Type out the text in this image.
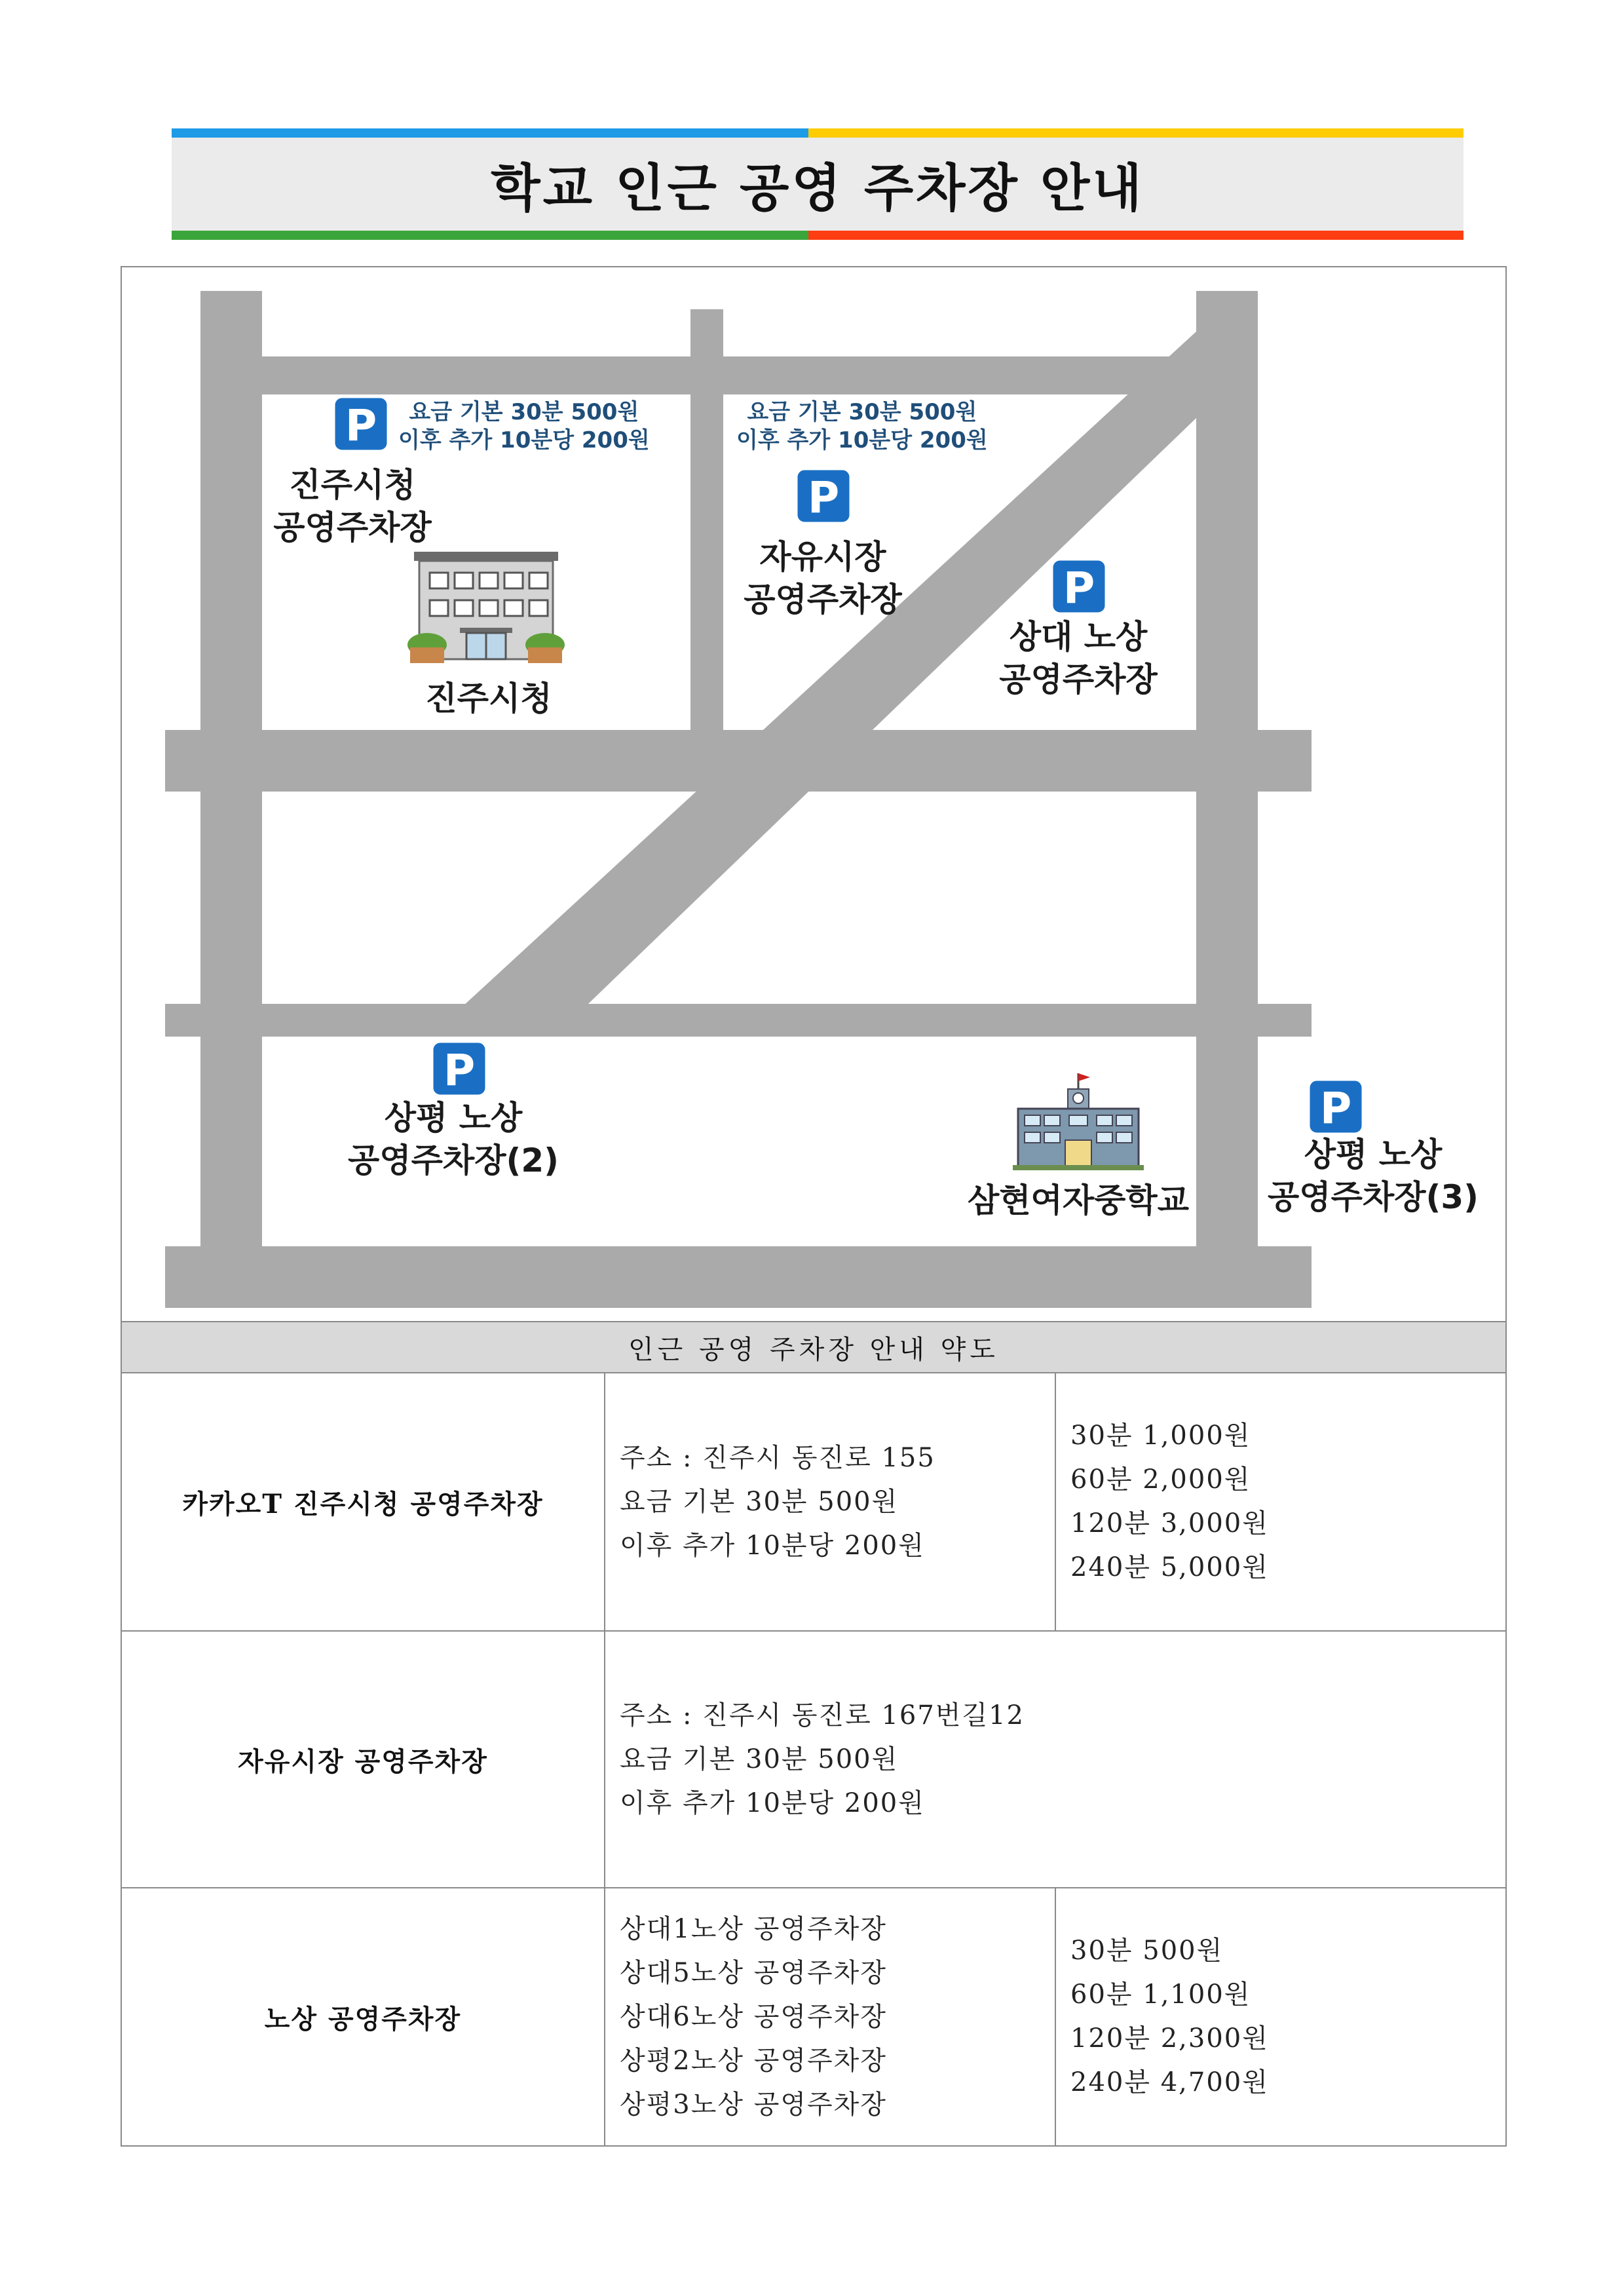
학교 인근 공영 주차장 안내
요금 기본 30분 500원
이후 추가 10분당 200원
요금 기본 30분 500원
이후 추가 10분당 200원
P
P
P
P
P
진주시청
공영주차장
자유시장
공영주차장
상대 노상
공영주차장
상평 노상
공영주차장(2)	상평 노상
공영주차장(3)
진주시청
삼현여자중학교
인근 공영 주차장 안내 약도
카카오T 진주시청 공영주차장
주소 : 진주시 동진로 155
요금 기본 30분 500원
이후 추가 10분당 200원
30분 1,000원
60분 2,000원
120분 3,000원
240분 5,000원
자유시장 공영주차장
주소 : 진주시 동진로 167번길12
요금 기본 30분 500원
이후 추가 10분당 200원
노상 공영주차장
상대1노상 공영주차장
상대5노상 공영주차장
상대6노상 공영주차장
상평2노상 공영주차장
상평3노상 공영주차장
30분 500원
60분 1,100원
120분 2,300원
240분 4,700원
